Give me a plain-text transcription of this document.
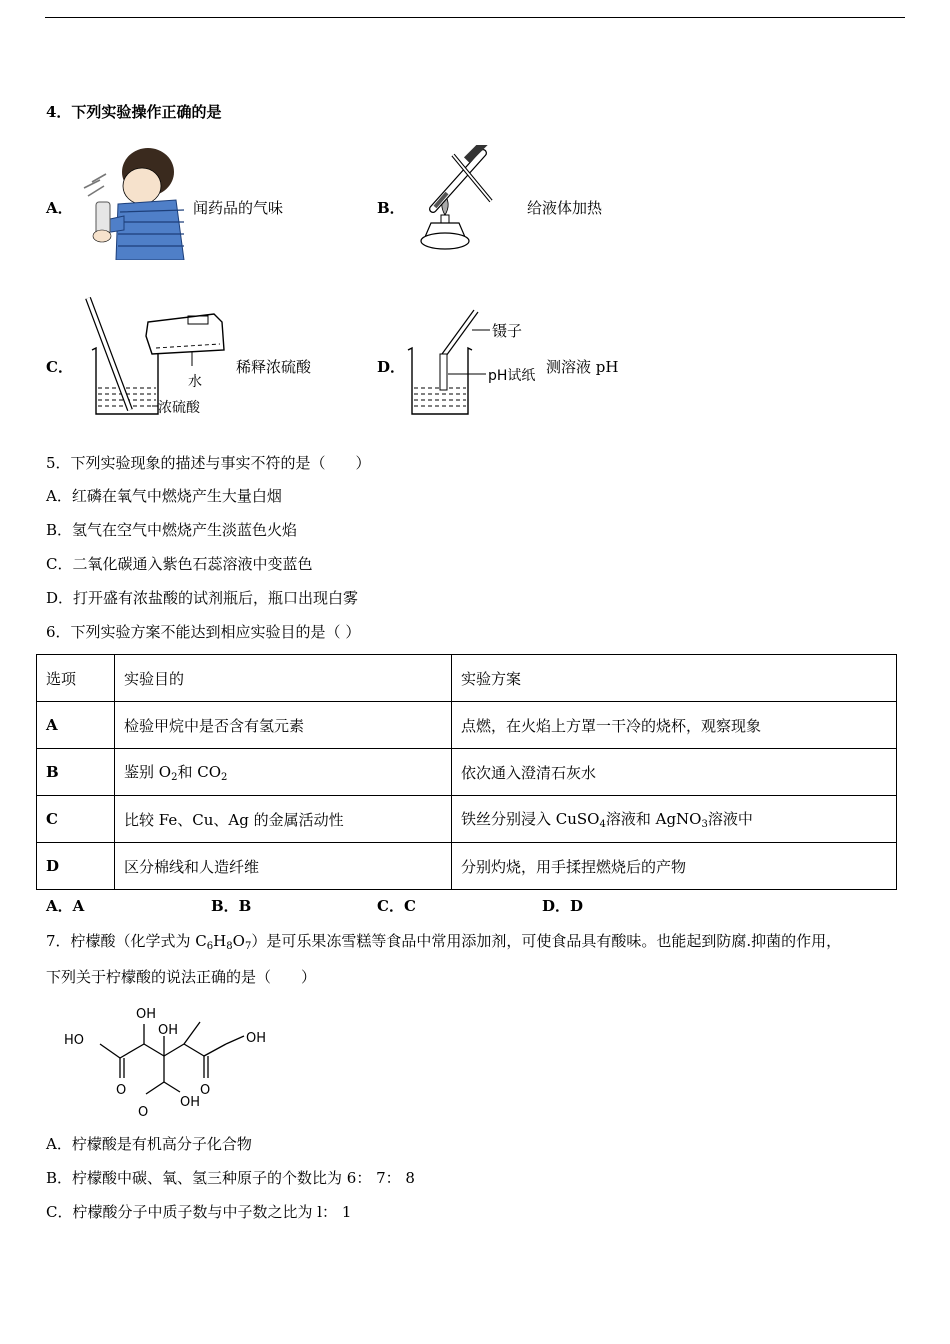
4．下列实验操作正确的是
A．	闻药品的气味	B．	给液体加热
C．
水
浓硫酸
稀释浓硫酸	D．
镊子
pH试纸 测溶液 pH
5．下列实验现象的描述与事实不符的是（　　）
A．红磷在氧气中燃烧产生大量白烟
B．氢气在空气中燃烧产生淡蓝色火焰
C．二氧化碳通入紫色石蕊溶液中变蓝色
D．打开盛有浓盐酸的试剂瓶后，瓶口出现白雾
6．下列实验方案不能达到相应实验目的是（ ）
选项	实验目的	实验方案
A	检验甲烷中是否含有氢元素	点燃，在火焰上方罩一干冷的烧杯，观察现象
B	鉴别 $O_2$和 $CO_2$	依次通入澄清石灰水
C	比较 Fe、Cu、Ag 的金属活动性	铁丝分别浸入 CuSO$_4$溶液和 AgNO$_3$溶液中
D	区分棉线和人造纤维	分别灼烧，用手揉捏燃烧后的产物
A．A	B．B	C．C	D．D
7．柠檬酸（化学式为 $C_6H_8O_7$）是可乐果冻雪糕等食品中常用添加剂，可使食品具有酸味。也能起到防腐.抑菌的作用，
下列关于柠檬酸的说法正确的是（　　）
OH
OH
HO	OH
O	O
O
OH
A．柠檬酸是有机高分子化合物
B．柠檬酸中碳、氧、氢三种原子的个数比为 6： 7： 8
C．柠檬酸分子中质子数与中子数之比为 l： 1
